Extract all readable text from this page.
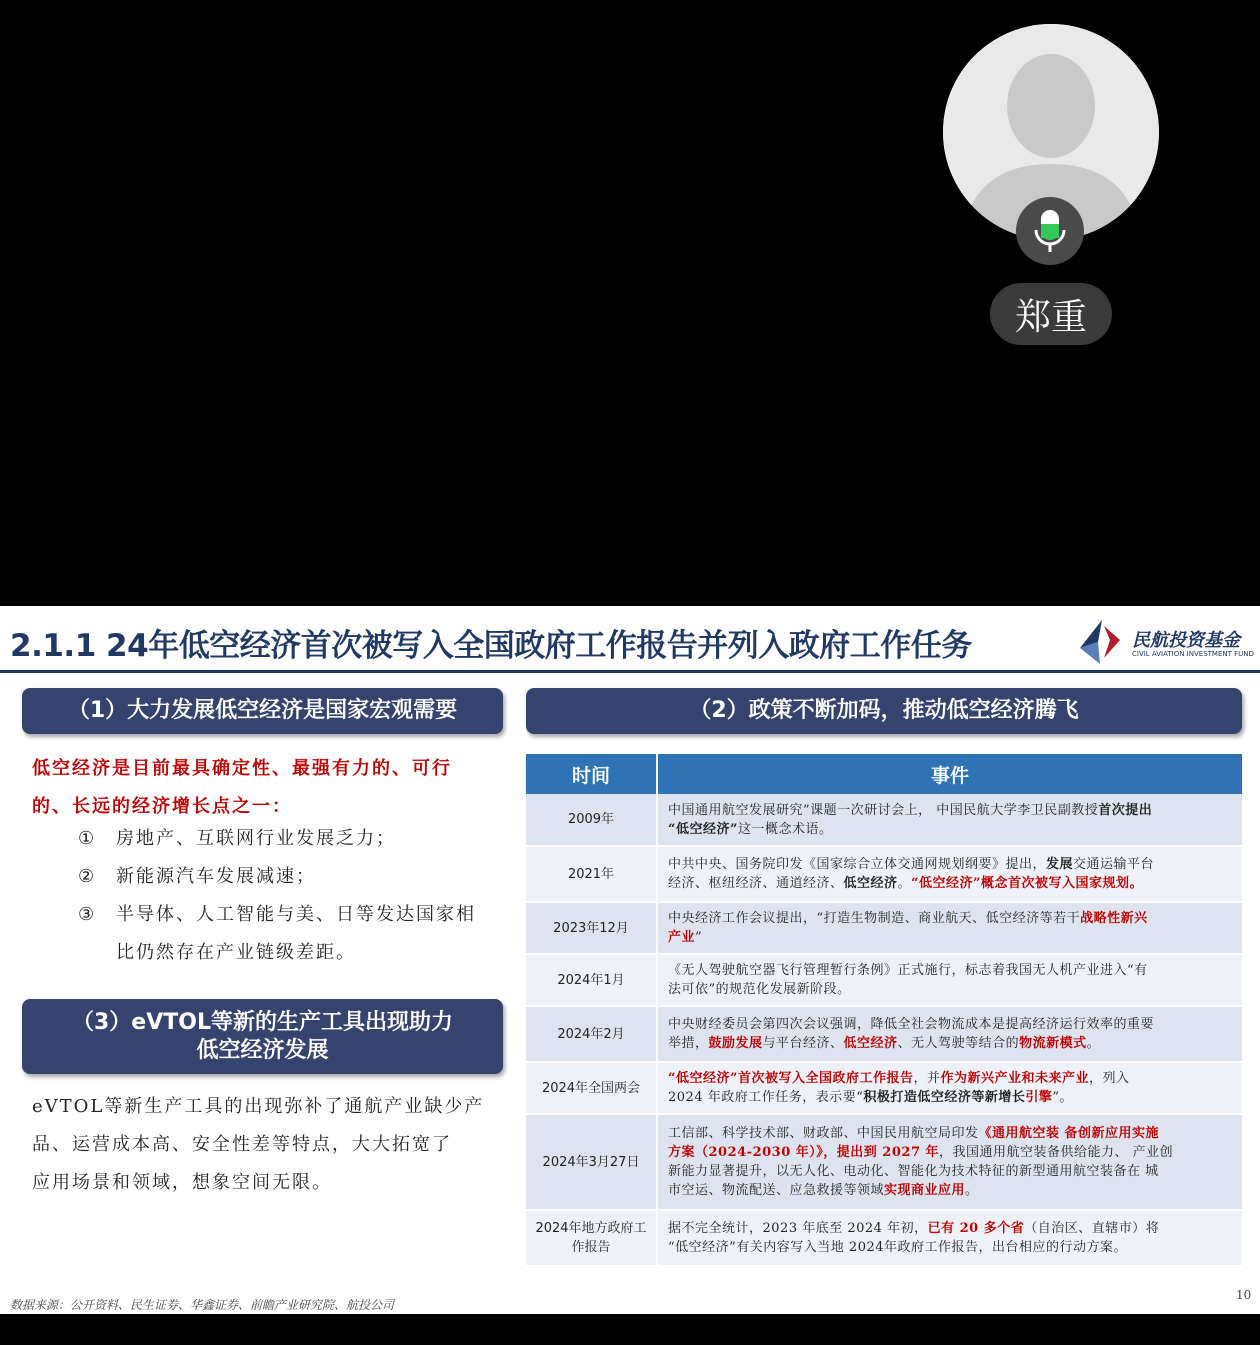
郑重
2.1.1 24年低空经济首次被写入全国政府工作报告并列入政府工作任务	民航投资基金
CIVIL AVIATION INVESTMENT FUND
（1）大力发展低空经济是国家宏观需要
低空经济是目前最具确定性、最强有力的、可行
的、长远的经济增长点之一：
①	房地产、互联网行业发展乏力；
②	新能源汽车发展减速；
③	半导体、人工智能与美、日等发达国家相
比仍然存在产业链级差距。
（3）eVTOL等新的生产工具出现助力
低空经济发展
eVTOL等新生产工具的出现弥补了通航产业缺少产
品、运营成本高、安全性差等特点，大大拓宽了
应用场景和领域，想象空间无限。
（2）政策不断加码，推动低空经济腾飞
时间	事件
2009年	中国通用航空发展研究”课题一次研讨会上， 中国民航大学李卫民副教授首次提出
“低空经济”这一概念术语。

2021年	中共中央、国务院印发《国家综合立体交通网规划纲要》提出，发展交通运输平台
经济、枢纽经济、通道经济、低空经济。“低空经济”概念首次被写入国家规划。

2023年12月	中央经济工作会议提出，“打造生物制造、商业航天、低空经济等若干战略性新兴
产业”

2024年1月	《无人驾驶航空器飞行管理暂行条例》正式施行，标志着我国无人机产业进入“有
法可依”的规范化发展新阶段。

2024年2月	中央财经委员会第四次会议强调，降低全社会物流成本是提高经济运行效率的重要
举措，鼓励发展与平台经济、低空经济、无人驾驶等结合的物流新模式。

2024年全国两会	“低空经济”首次被写入全国政府工作报告，并作为新兴产业和未来产业，列入
2024 年政府工作任务，表示要“积极打造低空经济等新增长引擎”。

2024年3月27日	工信部、科学技术部、财政部、中国民用航空局印发《通用航空装 备创新应用实施
方案（2024-2030 年）》，提出到 2027 年，我国通用航空装备供给能力、 产业创
新能力显著提升，以无人化、电动化、智能化为技术特征的新型通用航空装备在 城
市空运、物流配送、应急救援等领域实现商业应用。

2024年地方政府工作报告	据不完全统计，2023 年底至 2024 年初，已有 20 多个省（自治区、直辖市）将
“低空经济”有关内容写入当地 2024年政府工作报告，出台相应的行动方案。
数据来源：公开资料、民生证券、华鑫证券、前瞻产业研究院、航投公司
10
